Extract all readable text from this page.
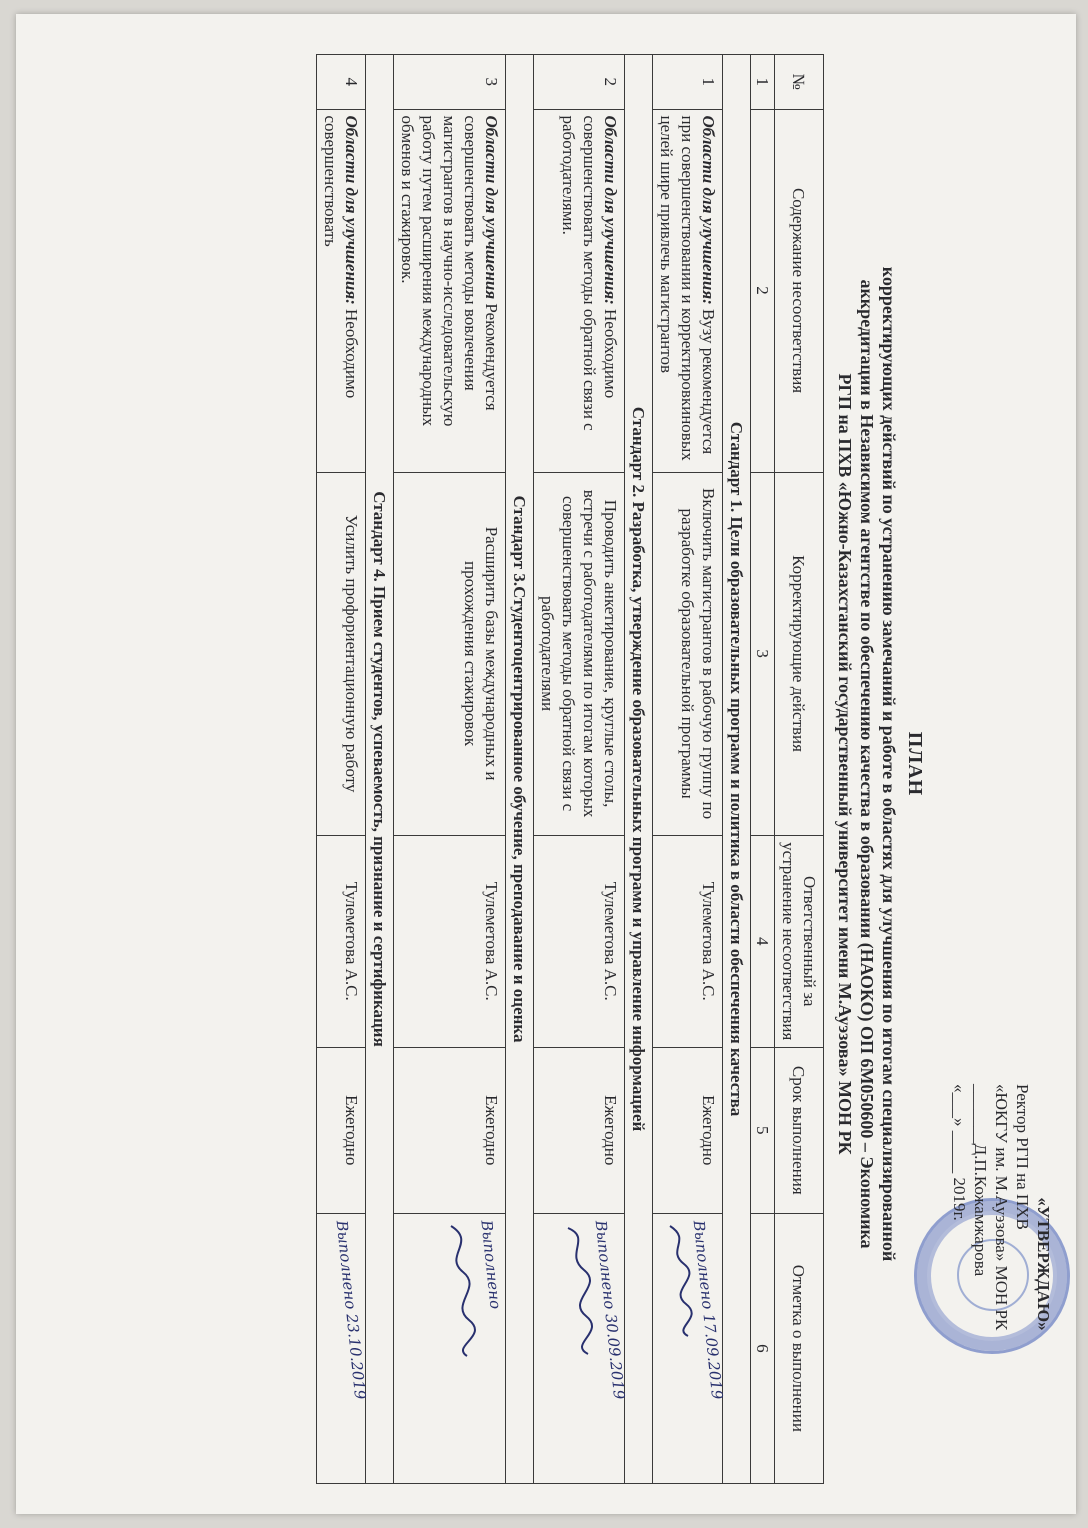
«УТВЕРЖДАЮ»
Ректор РГП на ПХВ
«ЮКГУ им. М.Ауэзова» МОН РК
_______Д.П.Кожамжарова
«___» _____ 2019г.
ПЛАН
корректирующих действий по устранению замечаний и работе в областях для улучшения по итогам специализированной
аккредитации в Независимом агентстве по обеспечению качества в образовании (НАОКО) ОП 6М050600 – Экономика
РГП на ПХВ «Южно-Казахстанский государственный университет имени М.Ауэзова» МОН РК
№	Содержание несоответствия	Корректирующие действия	Ответственный за устранение несоответствия	Срок выполнения	Отметка о выполнении
1	2	3	4	5	6
Стандарт 1. Цели образовательных программ и политика в области обеспечения качества					
1	Области для улучшения: Вузу рекомендуется при совершенствовании и корректировкиновых целей шире привлечь магистрантов	Включить магистрантов в рабочую группу по разработке образовательной программы	Тулеметова А.С.	Ежегодно	Выполнено 17.09.2019

Стандарт 2. Разработка, утверждение образовательных программ и управление информацией					
2	Области для улучшения: Необходимо совершенствовать методы обратной связи с работодателями.	Проводить анкетирование, круглые столы, встречи с работодателями по итогам которых совершенствовать методы обратной связи с работодателями	Тулеметова А.С.	Ежегодно	Выполнено 30.09.2019

Стандарт 3.Студентоцентрированное обучение, преподавание и оценка					
3	Области для улучшения Рекомендуется совершенствовать методы вовлечения магистрантов в научно-исследовательскую работу путем расширения международных обменов и стажировок.	Расширить базы международных и прохождения стажировок	Тулеметова А.С.	Ежегодно	Выполнено

Стандарт 4. Прием студентов, успеваемость, признание и сертификация					
4	Области для улучшения: Необходимо совершенствовать	Усилить профориентационную работу	Тулеметова А.С.	Ежегодно	Выполнено 23.10.2019
